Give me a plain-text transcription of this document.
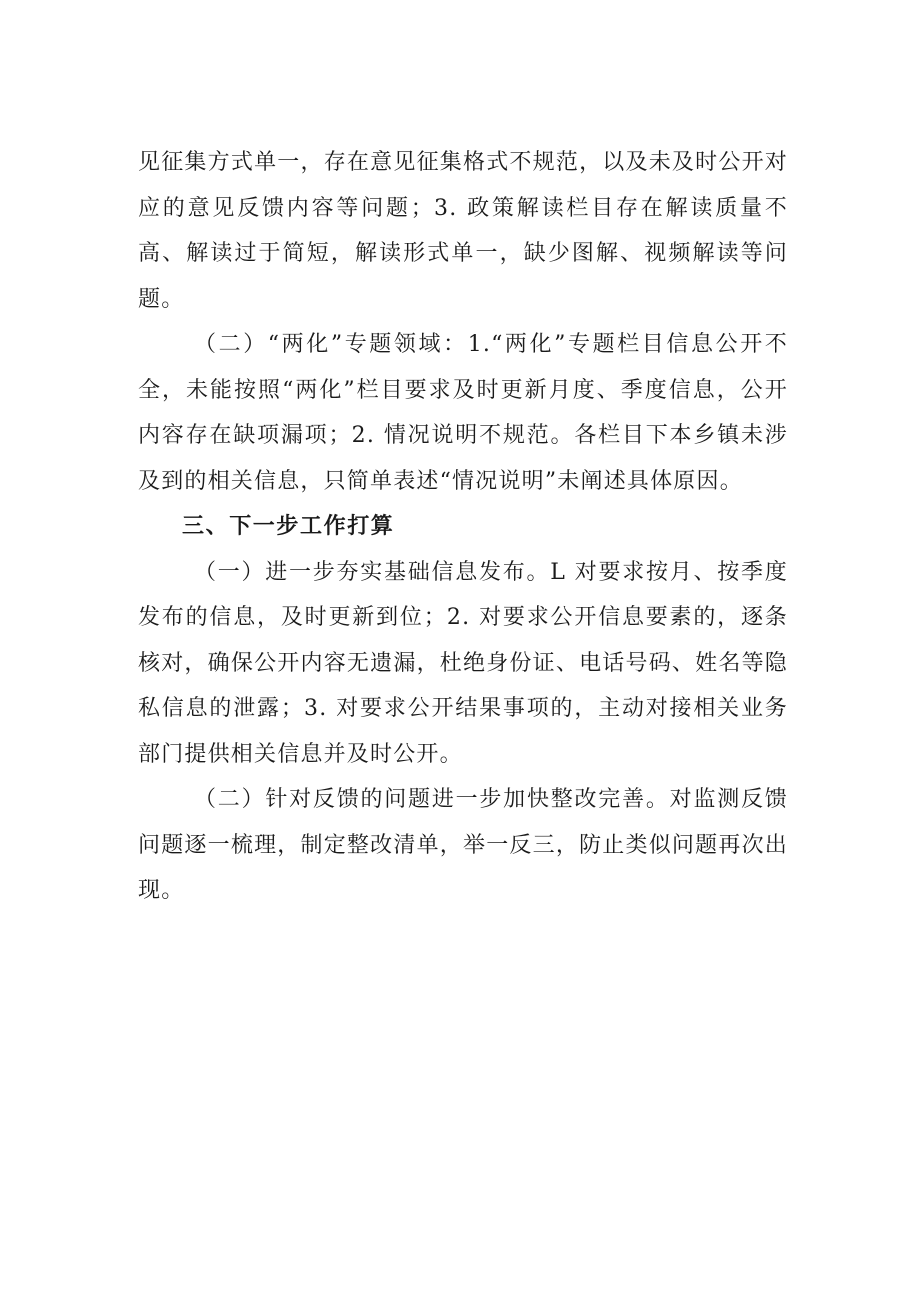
见征集方式单一，存在意见征集格式不规范，以及未及时公开对应的意见反馈内容等问题；3. 政策解读栏目存在解读质量不高、解读过于简短，解读形式单一，缺少图解、视频解读等问题。

（二）“两化”专题领域：1.“两化”专题栏目信息公开不全，未能按照“两化”栏目要求及时更新月度、季度信息，公开内容存在缺项漏项；2. 情况说明不规范。各栏目下本乡镇未涉及到的相关信息，只简单表述“情况说明”未阐述具体原因。

三、下一步工作打算

（一）进一步夯实基础信息发布。L 对要求按月、按季度发布的信息，及时更新到位；2. 对要求公开信息要素的，逐条核对，确保公开内容无遗漏，杜绝身份证、电话号码、姓名等隐私信息的泄露；3. 对要求公开结果事项的，主动对接相关业务部门提供相关信息并及时公开。

（二）针对反馈的问题进一步加快整改完善。对监测反馈问题逐一梳理，制定整改清单，举一反三，防止类似问题再次出现。
